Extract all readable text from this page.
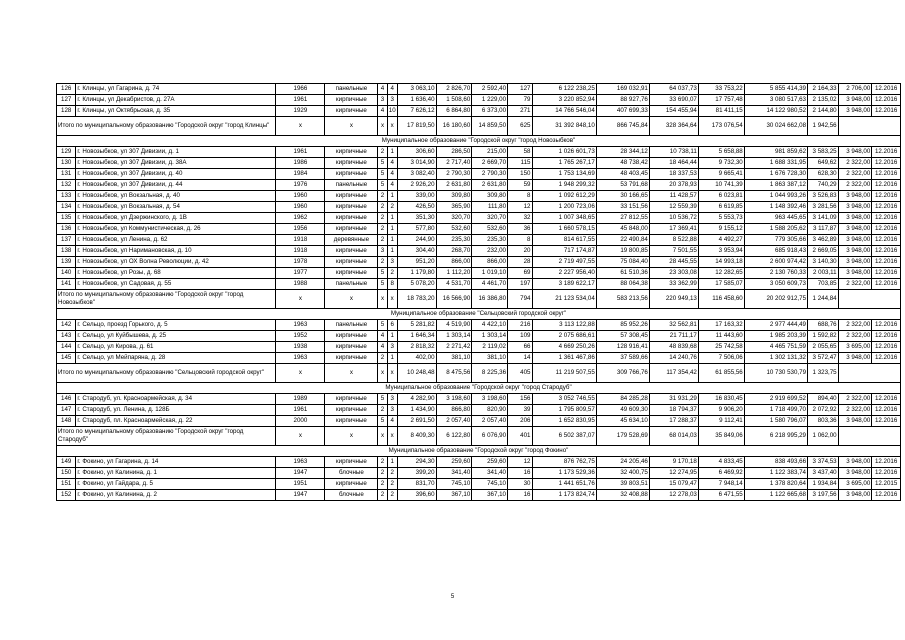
126	г. Клинцы, ул Гагарина, д. 74	1966	панельные	4	4	3 063,10	2 826,70	2 592,40	127	6 122 238,25	169 032,91	64 037,73	33 753,22	5 855 414,39	2 164,33	2 706,00	12.2016
127	г. Клинцы, ул Декабристов, д. 27А	1961	кирпичные	3	3	1 636,40	1 508,60	1 229,00	79	3 220 852,94	88 927,76	33 690,07	17 757,48	3 080 517,63	2 135,02	3 948,00	12.2016
128	г. Клинцы, ул Октябрьская, д. 35	1929	кирпичные	4	10	7 626,12	6 864,80	6 373,00	271	14 766 546,04	407 699,33	154 455,94	81 411,15	14 122 980,52	2 144,80	3 948,00	12.2016
Итого по муниципальному образованию "Городской округ "город Клинцы"		x	x	x	x	17 819,50	16 180,60	14 859,50	625	31 392 848,10	866 745,84	328 364,64	173 076,54	30 024 662,08	1 942,56		
Муниципальное образование "Городской округ "город Новозыбков"																	
129	г. Новозыбков, ул 307 Дивизии, д. 1	1961	кирпичные	2	1	306,60	286,50	215,00	58	1 026 601,73	28 344,12	10 738,11	5 658,88	981 859,62	3 583,25	3 948,00	12.2016
130	г. Новозыбков, ул 307 Дивизии, д. 38А	1986	кирпичные	5	4	3 014,90	2 717,40	2 669,70	115	1 765 267,17	48 738,42	18 464,44	9 732,30	1 688 331,95	649,62	2 322,00	12.2016
131	г. Новозыбков, ул 307 Дивизии, д. 40	1984	кирпичные	5	4	3 082,40	2 790,30	2 790,30	150	1 753 134,69	48 403,45	18 337,53	9 665,41	1 676 728,30	628,30	2 322,00	12.2016
132	г. Новозыбков, ул 307 Дивизии, д. 44	1976	панельные	5	4	2 926,20	2 631,80	2 631,80	59	1 948 299,32	53 791,68	20 378,93	10 741,39	1 863 387,12	740,29	2 322,00	12.2016
133	г. Новозыбков, ул Вокзальная, д. 40	1960	кирпичные	2	1	339,00	309,80	309,80	8	1 092 612,29	30 166,65	11 428,57	6 023,81	1 044 993,26	3 526,83	3 948,00	12.2016
134	г. Новозыбков, ул Вокзальная, д. 54	1960	кирпичные	2	2	426,50	365,90	111,80	12	1 200 723,06	33 151,56	12 559,39	6 619,85	1 148 392,46	3 281,56	3 948,00	12.2016
135	г. Новозыбков, ул Дзержинского, д. 1В	1962	кирпичные	2	1	351,30	320,70	320,70	32	1 007 348,65	27 812,55	10 536,72	5 553,73	963 445,65	3 141,09	3 948,00	12.2016
136	г. Новозыбков, ул Коммунистическая, д. 26	1956	кирпичные	2	1	577,80	532,60	532,60	36	1 660 578,15	45 848,00	17 369,41	9 155,12	1 588 205,62	3 117,87	3 948,00	12.2016
137	г. Новозыбков, ул Ленина, д. 62	1918	деревянные	2	1	244,90	235,30	235,30	8	814 617,55	22 490,84	8 522,88	4 492,27	779 305,66	3 462,89	3 948,00	12.2016
138	г. Новозыбков, ул Наримановская, д. 10	1918	кирпичные	3	1	304,40	268,70	232,00	20	717 174,87	19 800,85	7 501,55	3 953,94	685 918,43	2 669,05	3 948,00	12.2016
139	г. Новозыбков, ул ОХ Волна Революции, д. 42	1978	кирпичные	2	3	951,20	866,00	866,00	28	2 719 497,55	75 084,40	28 445,55	14 993,18	2 600 974,42	3 140,30	3 948,00	12.2016
140	г. Новозыбков, ул Розы, д. 68	1977	кирпичные	5	2	1 179,80	1 112,20	1 019,10	69	2 227 956,40	61 510,36	23 303,08	12 282,65	2 130 760,33	2 003,11	3 948,00	12.2016
141	г. Новозыбков, ул Садовая, д. 55	1988	панельные	5	8	5 078,20	4 531,70	4 461,70	197	3 189 622,17	88 064,38	33 362,99	17 585,07	3 050 609,73	703,85	2 322,00	12.2016
Итого по муниципальному образованию "Городской округ "город Новозыбков"		x	x	x	x	18 783,20	16 566,90	16 386,80	794	21 123 534,04	583 213,56	220 949,13	116 458,60	20 202 912,75	1 244,84		
Муниципальное образование "Сельцовский городской округ"																	
142	г. Сельцо, проезд Горького, д. 5	1963	панельные	5	6	5 281,82	4 519,90	4 422,10	216	3 113 122,88	85 952,26	32 562,81	17 163,32	2 977 444,49	688,76	2 322,00	12.2016
143	г. Сельцо, ул Куйбышева, д. 25	1952	кирпичные	4	1	1 646,34	1 303,14	1 303,14	109	2 075 686,61	57 308,45	21 711,17	11 443,60	1 985 203,39	1 592,82	2 322,00	12.2016
144	г. Сельцо, ул Кирова, д. 61	1938	кирпичные	4	3	2 818,32	2 271,42	2 119,02	66	4 669 250,26	128 916,41	48 839,68	25 742,58	4 465 751,59	2 055,65	3 695,00	12.2016
145	г. Сельцо, ул Мейпаряна, д. 28	1963	кирпичные	2	1	402,00	381,10	381,10	14	1 361 467,86	37 589,66	14 240,76	7 506,06	1 302 131,32	3 572,47	3 948,00	12.2016
Итого по муниципальному образованию "Сельцовский городской округ"		x	x	x	x	10 248,48	8 475,56	8 225,36	405	11 219 507,55	309 766,76	117 354,42	61 855,56	10 730 530,79	1 323,75		
Муниципальное образование "Городской округ "город Стародуб"																	
146	г. Стародуб, ул. Красноармейская, д. 34	1989	кирпичные	5	3	4 282,90	3 198,60	3 198,60	156	3 052 746,55	84 285,28	31 931,29	16 830,45	2 919 699,52	894,40	2 322,00	12.2016
147	г. Стародуб, ул. Ленина, д. 128Б	1961	кирпичные	2	3	1 434,90	866,80	820,90	39	1 795 809,57	49 609,30	18 794,37	9 906,20	1 718 499,70	2 072,92	2 322,00	12.2016
148	г. Стародуб, пл. Красноармейская, д. 22	2000	кирпичные	5	4	2 691,50	2 057,40	2 057,40	206	1 652 830,95	45 634,10	17 288,37	9 112,41	1 580 796,07	803,36	3 948,00	12.2016
Итого по муниципальному образованию "Городской округ "город Стародуб"		x	x	x	x	8 409,30	6 122,80	6 076,90	401	6 502 387,07	179 528,69	68 014,03	35 849,06	6 218 995,29	1 062,00		
Муниципальное образование "Городской округ "город Фокино"																	
149	г. Фокино, ул Гагарина, д. 14	1963	кирпичные	2	1	294,30	259,60	259,60	12	876 762,75	24 205,46	9 170,18	4 833,45	838 493,66	3 374,53	3 948,00	12.2016
150	г. Фокино, ул Калинина, д. 1	1947	блочные	2	2	399,20	341,40	341,40	16	1 173 529,36	32 400,75	12 274,95	6 469,92	1 122 383,74	3 437,40	3 948,00	12.2016
151	г. Фокино, ул Гайдара, д. 5	1951	кирпичные	2	2	831,70	745,10	745,10	30	1 441 651,76	39 803,51	15 079,47	7 948,14	1 378 820,64	1 934,84	3 695,00	12.2015
152	г. Фокино, ул Калинина, д. 2	1947	блочные	2	2	396,60	367,10	367,10	16	1 173 824,74	32 408,88	12 278,03	6 471,55	1 122 665,68	3 197,56	3 948,00	12.2016
5
